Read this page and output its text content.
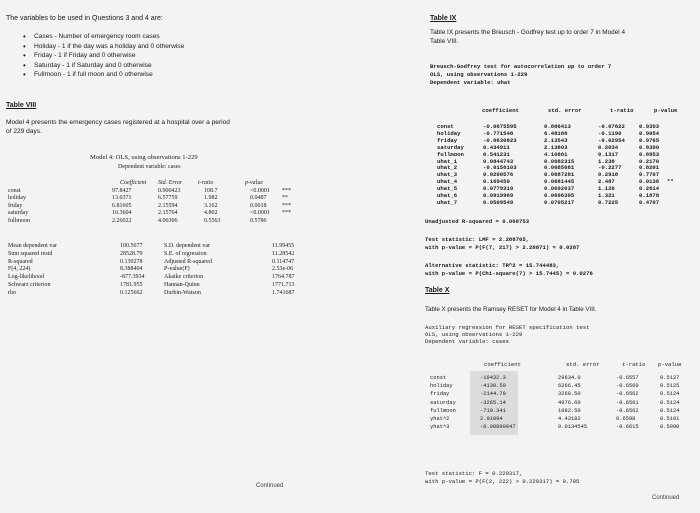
The variables to be used in Questions 3 and 4 are:
• Cases - Number of emergency room cases
• Holiday - 1 if the day was a holiday and 0 otherwise
• Friday - 1 if Friday and 0 otherwise
• Saturday - 1 if Saturday and 0 otherwise
• Fullmoon - 1 if full moon and 0 otherwise
Table VIII
Model 4 presents the emergency cases registered at a hospital over a period
of 229 days.
Model 4: OLS, using observations 1-229
Dependent variable: cases
Coefficient Std. Error	t-ratio	p-value
const	97.8427	0.900423	108.7	<0.0001	***
holiday	13.0371	6.57759	1.982	0.0487	**
friday	6.81605	2.15594	3.162	0.0018	***
saturday	10.3604	2.15764	4.802	<0.0001	***
fullmoon	2.26022	4.06306	0.5563	0.5786	
Mean dependent var	100.5677	S.D. dependent var	11.99455
Sum squared resid	28528.79	S.E. of regression	11.28542
R-squared	0.130278	Adjusted R-squared	0.114747
F(4, 224)	8.388404	P-value(F)	2.53e-06
Log-likelihood	-877.3934	Akaike criterion	1764.787
Schwarz criterion	1781.955	Hannan-Quinn	1771.713
rho	0.125662	Durbin-Watson	1.741687
Continued
Table IX
Table IX presents the Breusch - Godfrey test up to order 7 in Model 4
Table VIII.
Breusch-Godfrey test for autocorrelation up to order 7
OLS, using observations 1-229
Dependent variable: uhat
coefficient	std. error	t-ratio	p-value
const	-0.0675595	0.886413	-0.07622	0.9393	
holiday	-0.771548	6.48188	-0.1190	0.9054	
friday	-0.0630823	2.13543	-0.02954	0.9765	
saturday	0.434911	2.13803	0.2034	0.8390	
fullmoon	0.541231	4.10861	0.1317	0.8953	
uhat_1	0.0844743	0.0682315	1.238	0.2170	
uhat_2	-0.0156103	0.0685681	-0.2277	0.8201	
uhat_3	0.0200576	0.0687281	0.2918	0.7707	
uhat_4	0.169459	0.0681445	2.487	0.0136	**
uhat_5	0.0779319	0.0692037	1.126	0.2614	
uhat_6	0.0919969	0.0696305	1.321	0.1878	
uhat_7	0.0509549	0.0705217	0.7225	0.4707	
Unadjusted R-squared = 0.068753
Test statistic: LMF = 2.288705,
with p-value = P(F(7, 217) > 2.28871) = 0.0287
Alternative statistic: TR^2 = 15.744483,
with p-value = P(Chi-square(7) > 15.7445) = 0.0276
Table X
Table X presents the Ramsey RESET for Model 4 in Table VIII.
Auxiliary regression for RESET specification test
OLS, using observations 1-229
Dependent variable: cases
coefficient	std. error	t-ratio p-value
const	-19432.3	29634.0	-0.6557	0.5127
holiday	-4130.50	6266.45	-0.6560	0.5125
friday	-2144.70	3268.50	-0.6562	0.5124
saturday	-3265.14	4976.60	-0.6561	0.5124
fullmoon	-710.341	1082.50	-0.6562	0.5124
yhat^2	2.91094	4.43182	0.6598	0.5101
yhat^3	-0.00890047	0.0134545	-0.6615	0.5090
Test statistic: F = 0.229317,
with p-value = P(F(2, 222) > 0.229317) = 0.795
Continued
